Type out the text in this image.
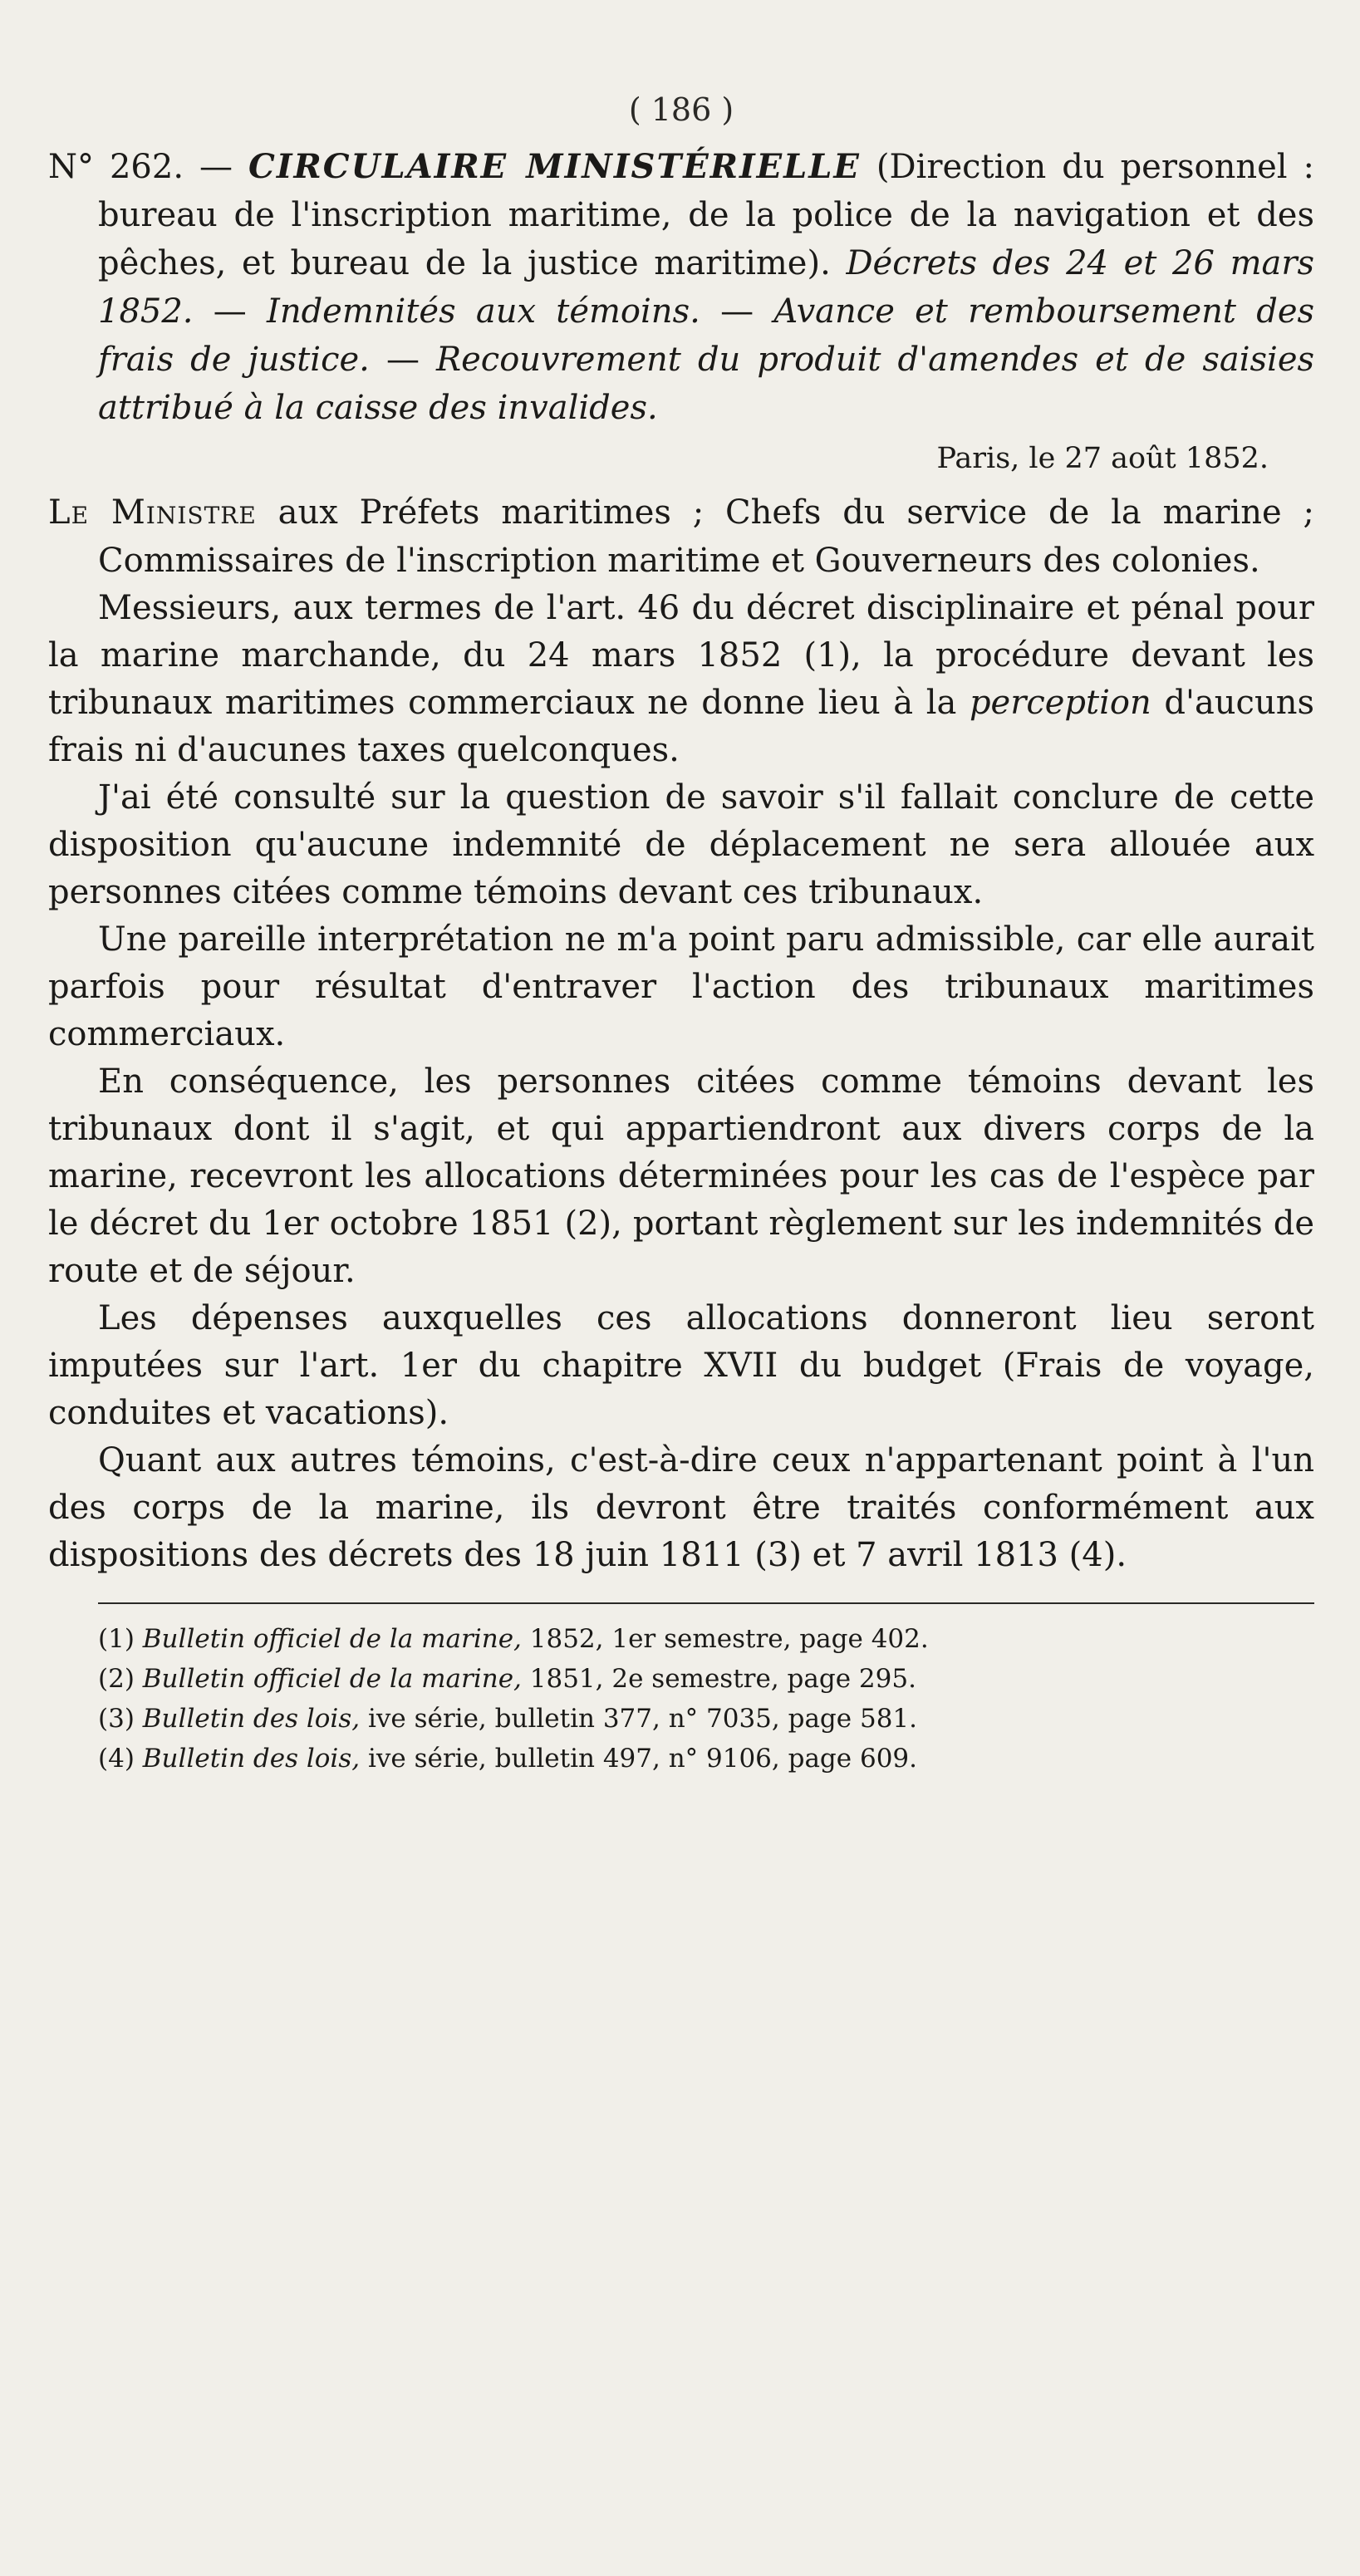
( 186 )

N° 262. — CIRCULAIRE MINISTÉRIELLE (Direction du personnel : bureau de l'inscription maritime, de la police de la navigation et des pêches, et bureau de la justice maritime). Décrets des 24 et 26 mars 1852. — Indemnités aux témoins. — Avance et remboursement des frais de justice. — Recouvrement du produit d'amendes et de saisies attribué à la caisse des invalides.

Paris, le 27 août 1852.

Le Ministre aux Préfets maritimes ; Chefs du service de la marine ; Commissaires de l'inscription maritime et Gouverneurs des colonies.

Messieurs, aux termes de l'art. 46 du décret disciplinaire et pénal pour la marine marchande, du 24 mars 1852 (1), la procédure devant les tribunaux maritimes commerciaux ne donne lieu à la perception d'aucuns frais ni d'aucunes taxes quelconques.

J'ai été consulté sur la question de savoir s'il fallait conclure de cette disposition qu'aucune indemnité de déplacement ne sera allouée aux personnes citées comme témoins devant ces tribunaux.

Une pareille interprétation ne m'a point paru admissible, car elle aurait parfois pour résultat d'entraver l'action des tribunaux maritimes commerciaux.

En conséquence, les personnes citées comme témoins devant les tribunaux dont il s'agit, et qui appartiendront aux divers corps de la marine, recevront les allocations déterminées pour les cas de l'espèce par le décret du 1er octobre 1851 (2), portant règlement sur les indemnités de route et de séjour.

Les dépenses auxquelles ces allocations donneront lieu seront imputées sur l'art. 1er du chapitre XVII du budget (Frais de voyage, conduites et vacations).

Quant aux autres témoins, c'est-à-dire ceux n'appartenant point à l'un des corps de la marine, ils devront être traités conformément aux dispositions des décrets des 18 juin 1811 (3) et 7 avril 1813 (4).

(1) Bulletin officiel de la marine, 1852, 1er semestre, page 402.
(2) Bulletin officiel de la marine, 1851, 2e semestre, page 295.
(3) Bulletin des lois, ive série, bulletin 377, n° 7035, page 581.
(4) Bulletin des lois, ive série, bulletin 497, n° 9106, page 609.
